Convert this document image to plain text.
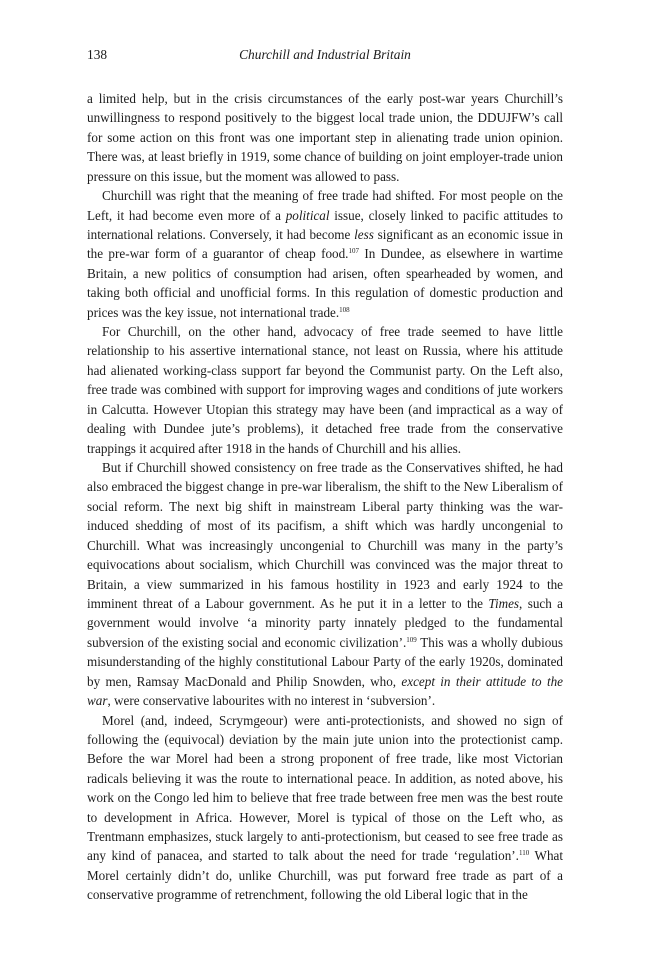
138	Churchill and Industrial Britain

a limited help, but in the crisis circumstances of the early post-war years Churchill’s unwillingness to respond positively to the biggest local trade union, the DDUJFW’s call for some action on this front was one important step in alienating trade union opinion. There was, at least briefly in 1919, some chance of building on joint employer-trade union pressure on this issue, but the moment was allowed to pass.

Churchill was right that the meaning of free trade had shifted. For most people on the Left, it had become even more of a political issue, closely linked to pacific attitudes to international relations. Conversely, it had become less significant as an economic issue in the pre-war form of a guarantor of cheap food.$^{107}$ In Dundee, as elsewhere in wartime Britain, a new politics of consumption had arisen, often spearheaded by women, and taking both official and unofficial forms. In this regulation of domestic production and prices was the key issue, not international trade.$^{108}$

For Churchill, on the other hand, advocacy of free trade seemed to have little relationship to his assertive international stance, not least on Russia, where his attitude had alienated working-class support far beyond the Communist party. On the Left also, free trade was combined with support for improving wages and conditions of jute workers in Calcutta. However Utopian this strategy may have been (and impractical as a way of dealing with Dundee jute’s problems), it detached free trade from the conservative trappings it acquired after 1918 in the hands of Churchill and his allies.

But if Churchill showed consistency on free trade as the Conservatives shifted, he had also embraced the biggest change in pre-war liberalism, the shift to the New Liberalism of social reform. The next big shift in mainstream Liberal party thinking was the war-induced shedding of most of its pacifism, a shift which was hardly uncongenial to Churchill. What was increasingly uncongenial to Churchill was many in the party’s equivocations about socialism, which Churchill was convinced was the major threat to Britain, a view summarized in his famous hostility in 1923 and early 1924 to the imminent threat of a Labour government. As he put it in a letter to the Times, such a government would involve ‘a minority party innately pledged to the fundamental subversion of the existing social and economic civilization’.$^{109}$ This was a wholly dubious misunderstanding of the highly constitutional Labour Party of the early 1920s, dominated by men, Ramsay MacDonald and Philip Snowden, who, except in their attitude to the war, were conservative labourites with no interest in ‘subversion’.

Morel (and, indeed, Scrymgeour) were anti-protectionists, and showed no sign of following the (equivocal) deviation by the main jute union into the protectionist camp. Before the war Morel had been a strong proponent of free trade, like most Victorian radicals believing it was the route to international peace. In addition, as noted above, his work on the Congo led him to believe that free trade between free men was the best route to development in Africa. However, Morel is typical of those on the Left who, as Trentmann emphasizes, stuck largely to anti-protectionism, but ceased to see free trade as any kind of panacea, and started to talk about the need for trade ‘regulation’.$^{110}$ What Morel certainly didn’t do, unlike Churchill, was put forward free trade as part of a conservative programme of retrenchment, following the old Liberal logic that in the
